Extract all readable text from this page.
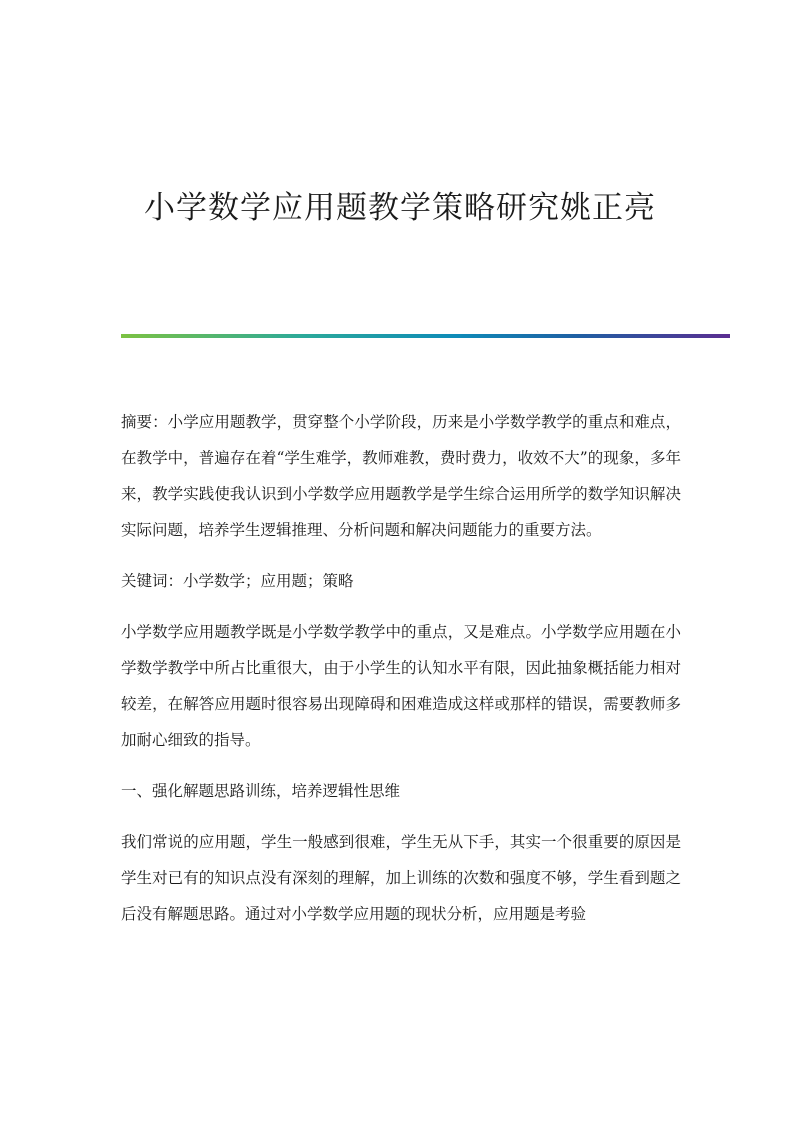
小学数学应用题教学策略研究姚正亮

摘要：小学应用题教学，贯穿整个小学阶段，历来是小学数学教学的重点和难点，在教学中，普遍存在着“学生难学，教师难教，费时费力，收效不大”的现象，多年来，教学实践使我认识到小学数学应用题教学是学生综合运用所学的数学知识解决实际问题，培养学生逻辑推理、分析问题和解决问题能力的重要方法。

关键词：小学数学；应用题；策略

小学数学应用题教学既是小学数学教学中的重点，又是难点。小学数学应用题在小学数学教学中所占比重很大，由于小学生的认知水平有限，因此抽象概括能力相对较差，在解答应用题时很容易出现障碍和困难造成这样或那样的错误，需要教师多加耐心细致的指导。

一、强化解题思路训练，培养逻辑性思维

我们常说的应用题，学生一般感到很难，学生无从下手，其实一个很重要的原因是学生对已有的知识点没有深刻的理解，加上训练的次数和强度不够，学生看到题之后没有解题思路。通过对小学数学应用题的现状分析，应用题是考验
